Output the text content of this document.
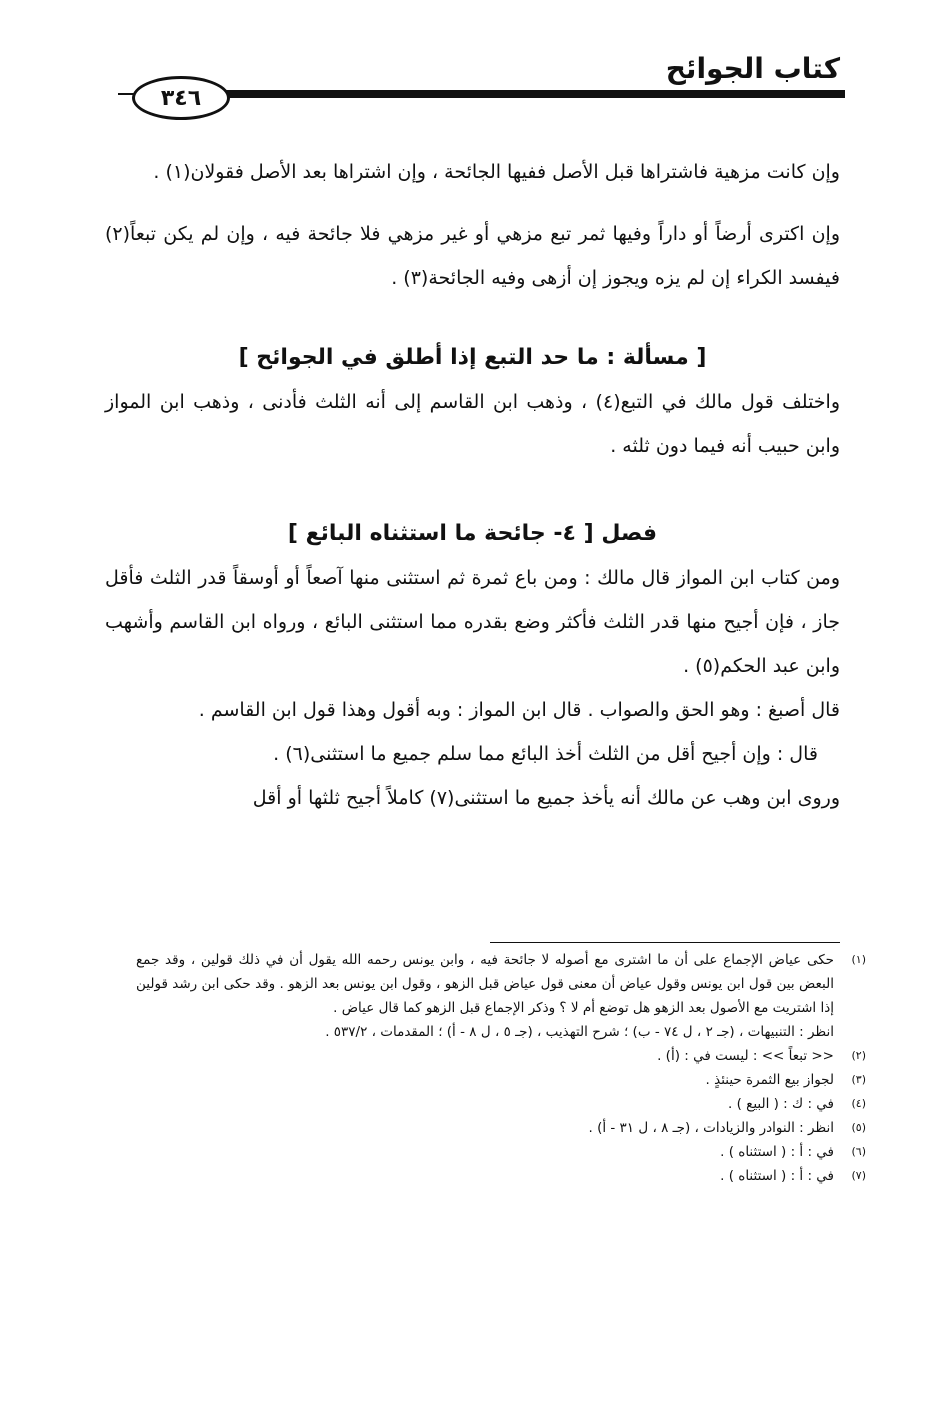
كتاب الجوائح
٣٤٦

وإن كانت مزهية فاشتراها قبل الأصل ففيها الجائحة ، وإن اشتراها بعد الأصل فقولان(١) .

وإن اكترى أرضاً أو داراً وفيها ثمر تبع مزهي أو غير مزهي فلا جائحة فيه ، وإن لم يكن تبعاً(٢) فيفسد الكراء إن لم يزه ويجوز إن أزهى وفيه الجائحة(٣) .

[ مسألة : ما حد التبع إذا أطلق في الجوائح ]

واختلف قول مالك في التبع(٤) ، وذهب ابن القاسم إلى أنه الثلث فأدنى ، وذهب ابن المواز وابن حبيب أنه فيما دون ثلثه .

فصل [ ٤- جائحة ما استثناه البائع ]

ومن كتاب ابن المواز قال مالك : ومن باع ثمرة ثم استثنى منها آصعاً أو أوسقاً قدر الثلث فأقل جاز ، فإن أجيح منها قدر الثلث فأكثر وضع بقدره مما استثنى البائع ، ورواه ابن القاسم وأشهب وابن عبد الحكم(٥) .

قال أصبغ : وهو الحق والصواب . قال ابن المواز : وبه أقول وهذا قول ابن القاسم .

قال : وإن أجيح أقل من الثلث أخذ البائع مما سلم جميع ما استثنى(٦) .

وروى ابن وهب عن مالك أنه يأخذ جميع ما استثنى(٧) كاملاً أجيح ثلثها أو أقل

(١)
حكى عياض الإجماع على أن ما اشترى مع أصوله لا جائحة فيه ، وابن يونس رحمه الله يقول أن في ذلك قولين ، وقد جمع البعض بين قول ابن يونس وقول عياض أن معنى قول عياض قبل الزهو ، وقول ابن يونس بعد الزهو . وقد حكى ابن رشد قولين إذا اشتريت مع الأصول بعد الزهو هل توضع أم لا ؟ وذكر الإجماع قبل الزهو كما قال عياض .
انظر : التنبيهات ، (جـ ٢ ، ل ٧٤ - ب) ؛ شرح التهذيب ، (جـ ٥ ، ل ٨ - أ) ؛ المقدمات ، ٥٣٧/٢ .
(٢)
<< تبعاً >> : ليست في : (أ) .
(٣)
لجواز بيع الثمرة حينئذٍ .
(٤)
في : ك : ( البيع ) .
(٥)
انظر : النوادر والزيادات ، (جـ ٨ ، ل ٣١ - أ) .
(٦)
في : أ : ( استثناه ) .
(٧)
في : أ : ( استثناه ) .
